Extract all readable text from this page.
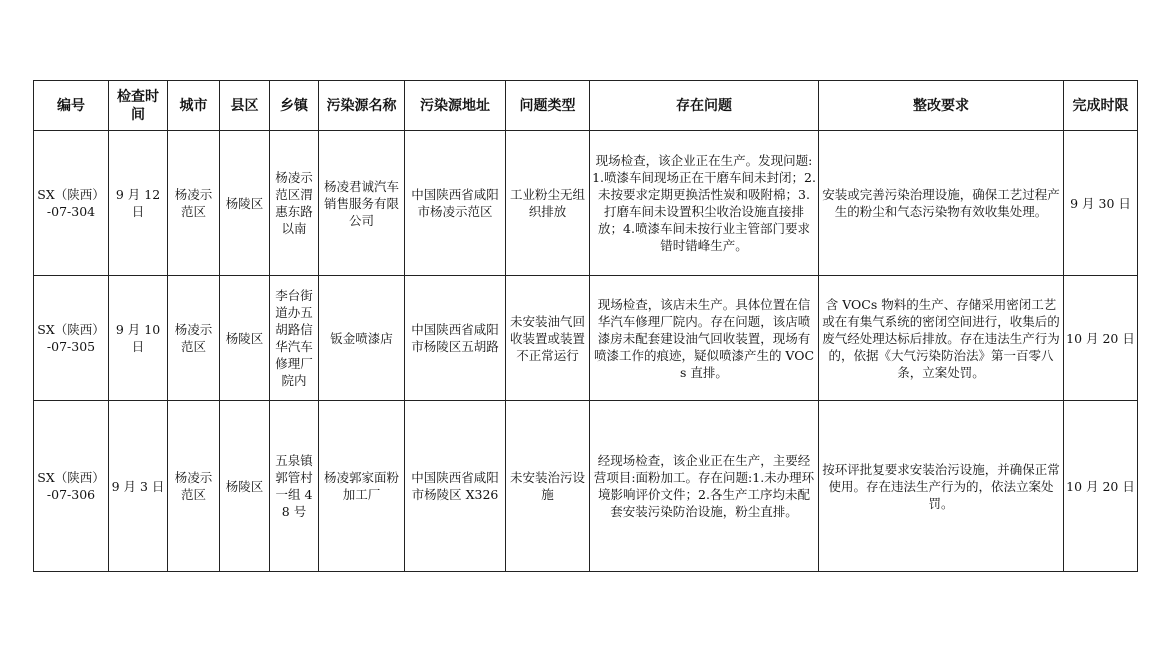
编号	检查时间	城市	县区	乡镇	污染源名称	污染源地址	问题类型	存在问题	整改要求	完成时限
SX（陕西）-07-304	9 月 12 日	杨凌示范区	杨陵区	杨凌示范区渭惠东路以南	杨凌君诚汽车销售服务有限公司	中国陕西省咸阳市杨凌示范区	工业粉尘无组织排放	现场检查，该企业正在生产。发现问题:1.喷漆车间现场正在干磨车间未封闭；2.未按要求定期更换活性炭和吸附棉；3.打磨车间未设置积尘收治设施直接排放；4.喷漆车间未按行业主管部门要求错时错峰生产。	安装或完善污染治理设施，确保工艺过程产生的粉尘和气态污染物有效收集处理。	9 月 30 日
SX（陕西）-07-305	9 月 10 日	杨凌示范区	杨陵区	李台街道办五胡路信华汽车修理厂院内	钣金喷漆店	中国陕西省咸阳市杨陵区五胡路	未安装油气回收装置或装置不正常运行	现场检查，该店未生产。具体位置在信华汽车修理厂院内。存在问题，该店喷漆房未配套建设油气回收装置，现场有喷漆工作的痕迹，疑似喷漆产生的 VOCs 直排。	含 VOCs 物料的生产、存储采用密闭工艺或在有集气系统的密闭空间进行，收集后的废气经处理达标后排放。存在违法生产行为的，依据《大气污染防治法》第一百零八条，立案处罚。	10 月 20 日
SX（陕西）-07-306	9 月 3 日	杨凌示范区	杨陵区	五泉镇郭管村一组 48 号	杨凌郭家面粉加工厂	中国陕西省咸阳市杨陵区 X326	未安装治污设施	经现场检查，该企业正在生产，主要经营项目:面粉加工。存在问题:1.未办理环境影响评价文件；2.各生产工序均未配套安装污染防治设施，粉尘直排。	按环评批复要求安装治污设施，并确保正常使用。存在违法生产行为的，依法立案处罚。	10 月 20 日
